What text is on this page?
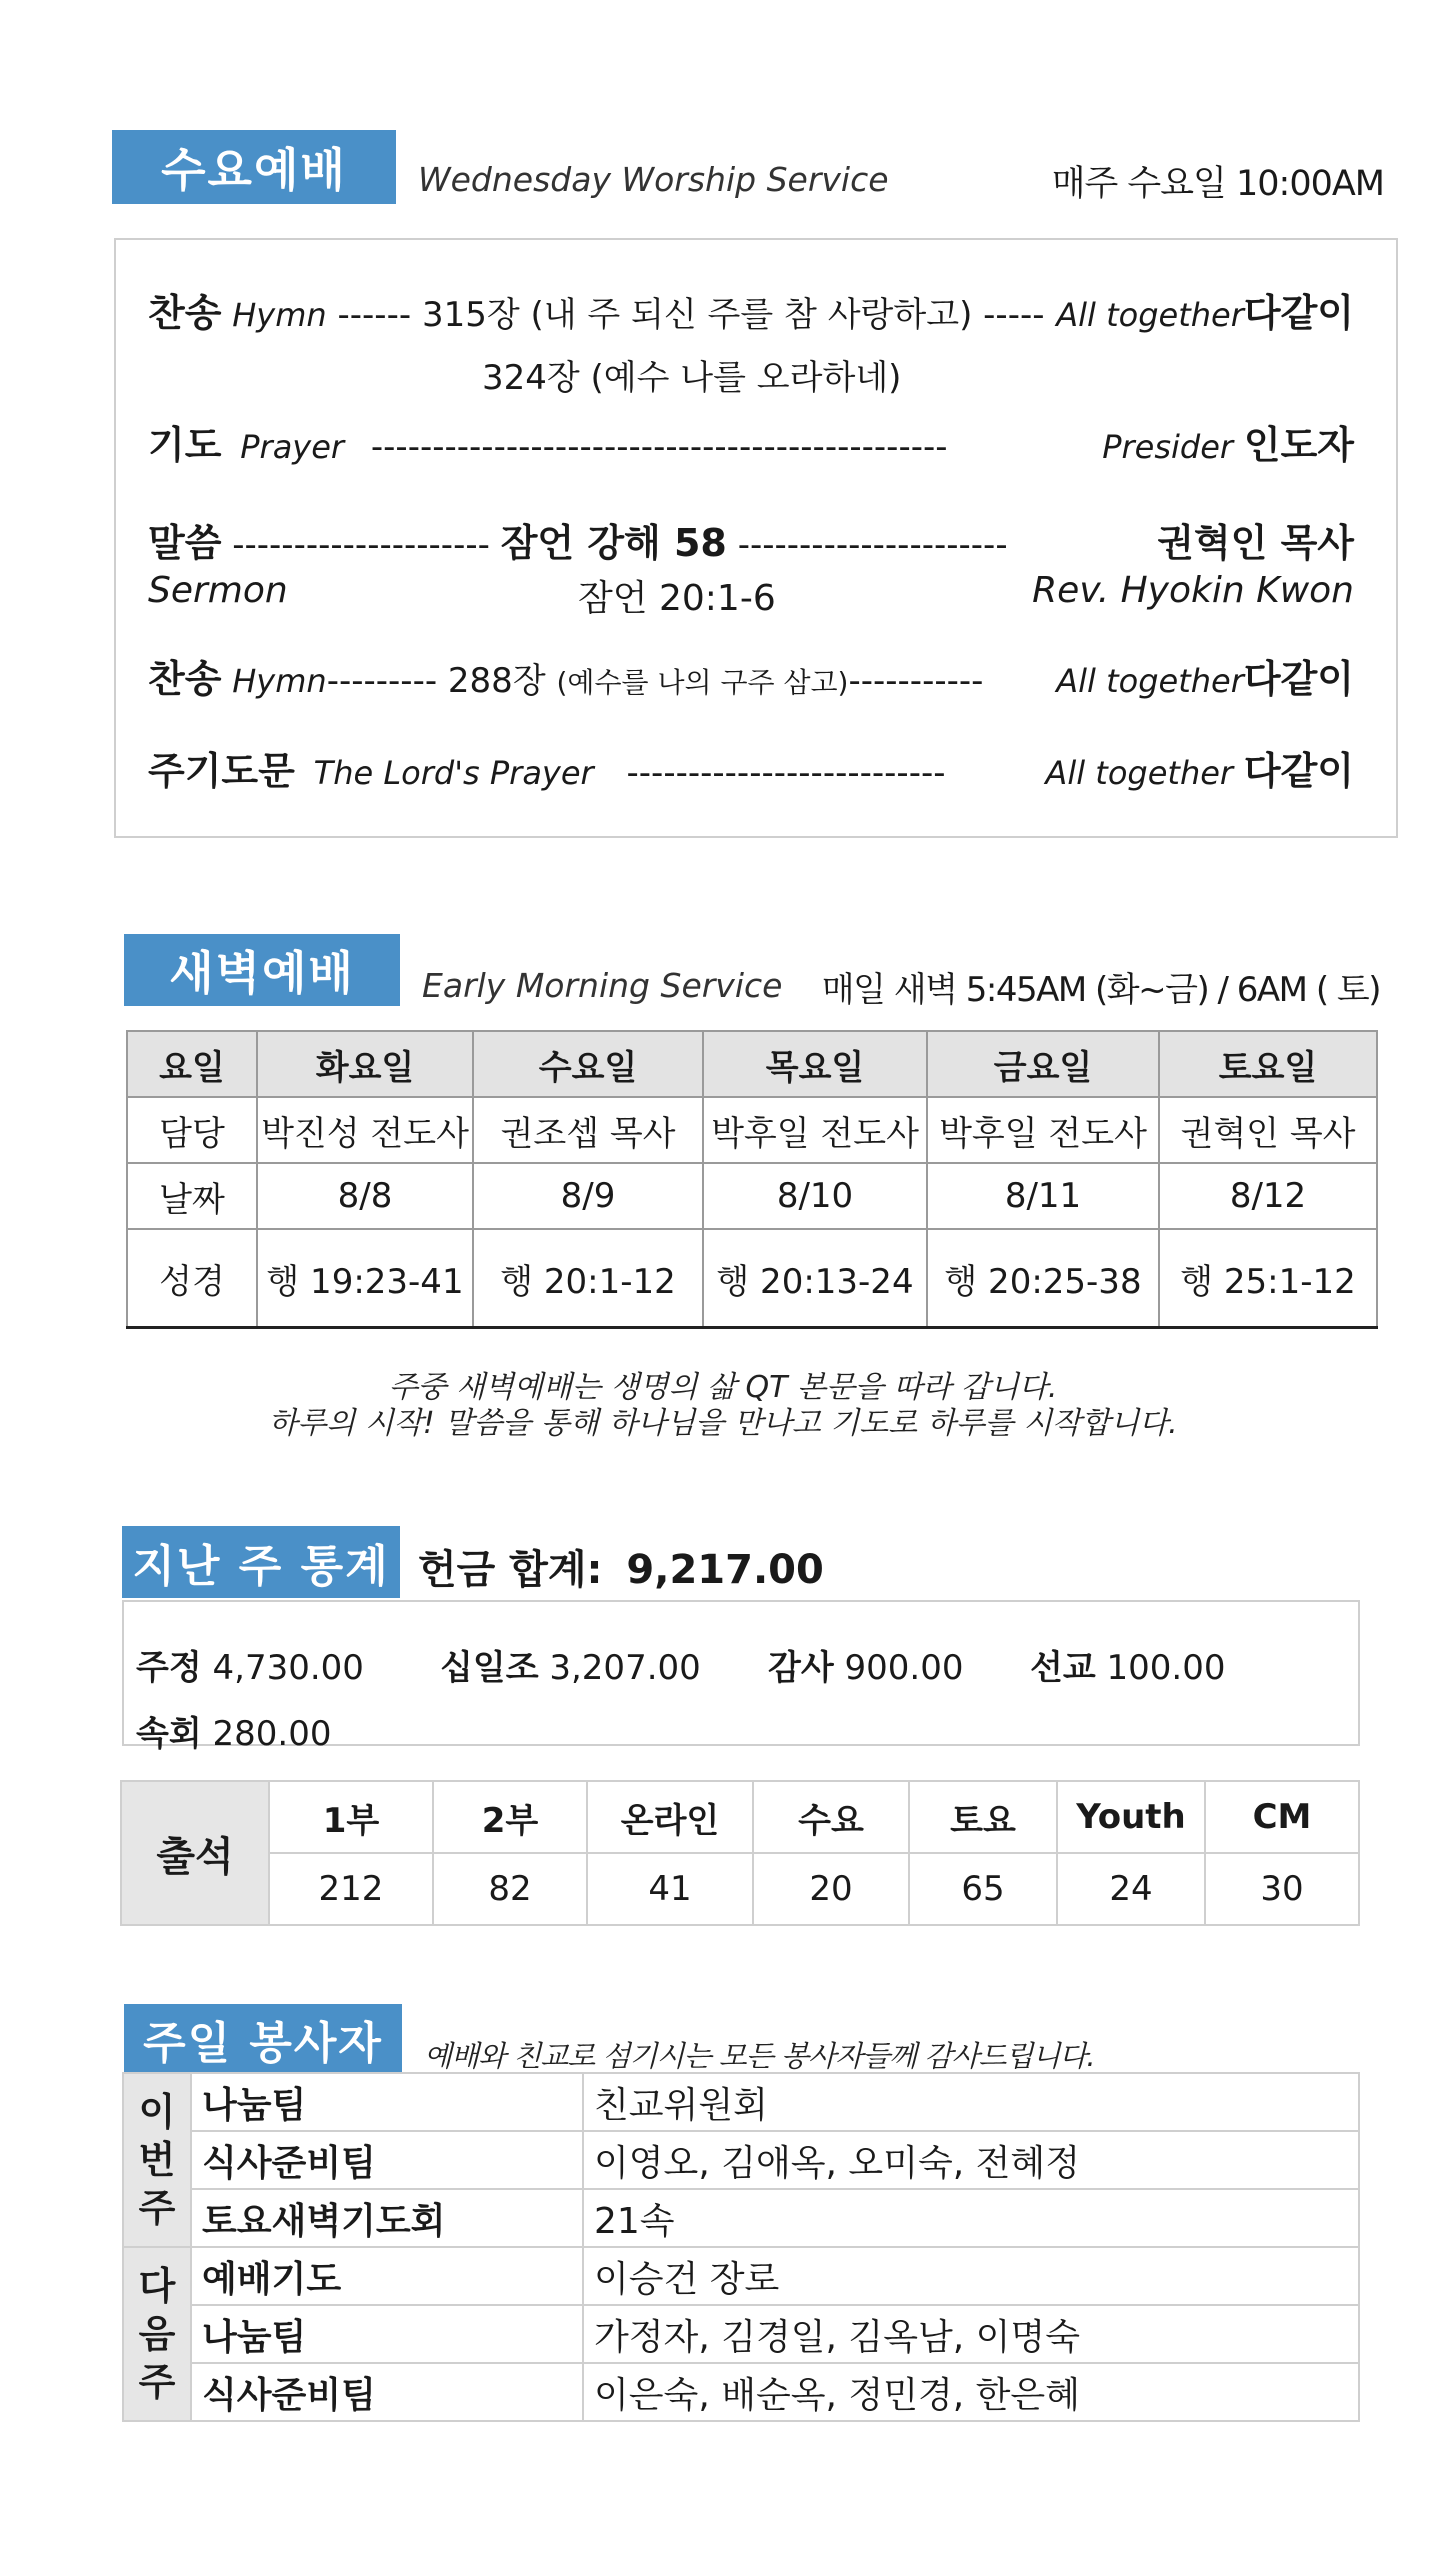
수요예배 Wednesday Worship Service	매주 수요일 10:00AM
찬송 Hymn ------ 315장 (내 주 되신 주를 참 사랑하고) ----- All together다같이
324장 (예수 나를 오라하네)
기도 Prayer -----------------------------------------------	Presider 인도자
말씀 --------------------- 잠언 강해 58 ----------------------	권혁인 목사
Sermon	잠언 20:1-6	Rev. Hyokin Kwon
찬송 Hymn--------- 288장 (예수를 나의 구주 삼고)----------- All together다같이
주기도문 The Lord's Prayer --------------------------	All together 다같이
새벽예배 Early Morning Service 매일 새벽 5:45AM (화~금) / 6AM ( 토)
요일	화요일	수요일	목요일	금요일	토요일
담당	박진성 전도사	권조셉 목사	박후일 전도사	박후일 전도사	권혁인 목사
날짜	8/8	8/9	8/10	8/11	8/12
성경	행 19:23-41	행 20:1-12	행 20:13-24	행 20:25-38	행 25:1-12
주중 새벽예배는 생명의 삶 QT 본문을 따라 갑니다.
하루의 시작! 말씀을 통해 하나님을 만나고 기도로 하루를 시작합니다.
지난 주 통계 헌금 합계: 9,217.00
주정 4,730.00 십일조 3,207.00 감사 900.00 선교 100.00
속회 280.00
출석	1부	2부	온라인	수요	토요	Youth	CM
	212	82	41	20	65	24	30
주일 봉사자 예배와 친교로 섬기시는 모든 봉사자들께 감사드립니다.
이
번
주	나눔팀	친교위원회
	식사준비팀	이영오, 김애옥, 오미숙, 전혜정
	토요새벽기도회	21속
다
음
주	예배기도	이승건 장로
	나눔팀	가정자, 김경일, 김옥남, 이명숙
	식사준비팀	이은숙, 배순옥, 정민경, 한은혜
